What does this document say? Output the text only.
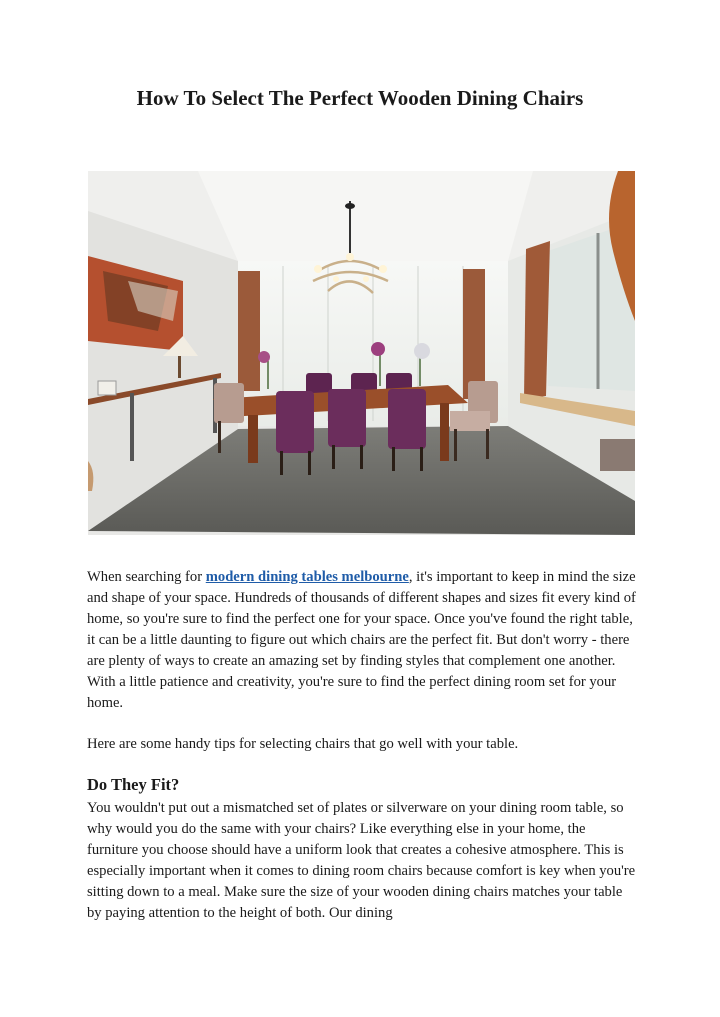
How To Select The Perfect Wooden Dining Chairs

When searching for modern dining tables melbourne, it's important to keep in mind the size and shape of your space. Hundreds of thousands of different shapes and sizes fit every kind of home, so you're sure to find the perfect one for your space. Once you've found the right table, it can be a little daunting to figure out which chairs are the perfect fit. But don't worry - there are plenty of ways to create an amazing set by finding styles that complement one another. With a little patience and creativity, you're sure to find the perfect dining room set for your home.

Here are some handy tips for selecting chairs that go well with your table.

Do They Fit?

You wouldn't put out a mismatched set of plates or silverware on your dining room table, so why would you do the same with your chairs? Like everything else in your home, the furniture you choose should have a uniform look that creates a cohesive atmosphere. This is especially important when it comes to dining room chairs because comfort is key when you're sitting down to a meal. Make sure the size of your wooden dining chairs matches your table by paying attention to the height of both. Our dining
